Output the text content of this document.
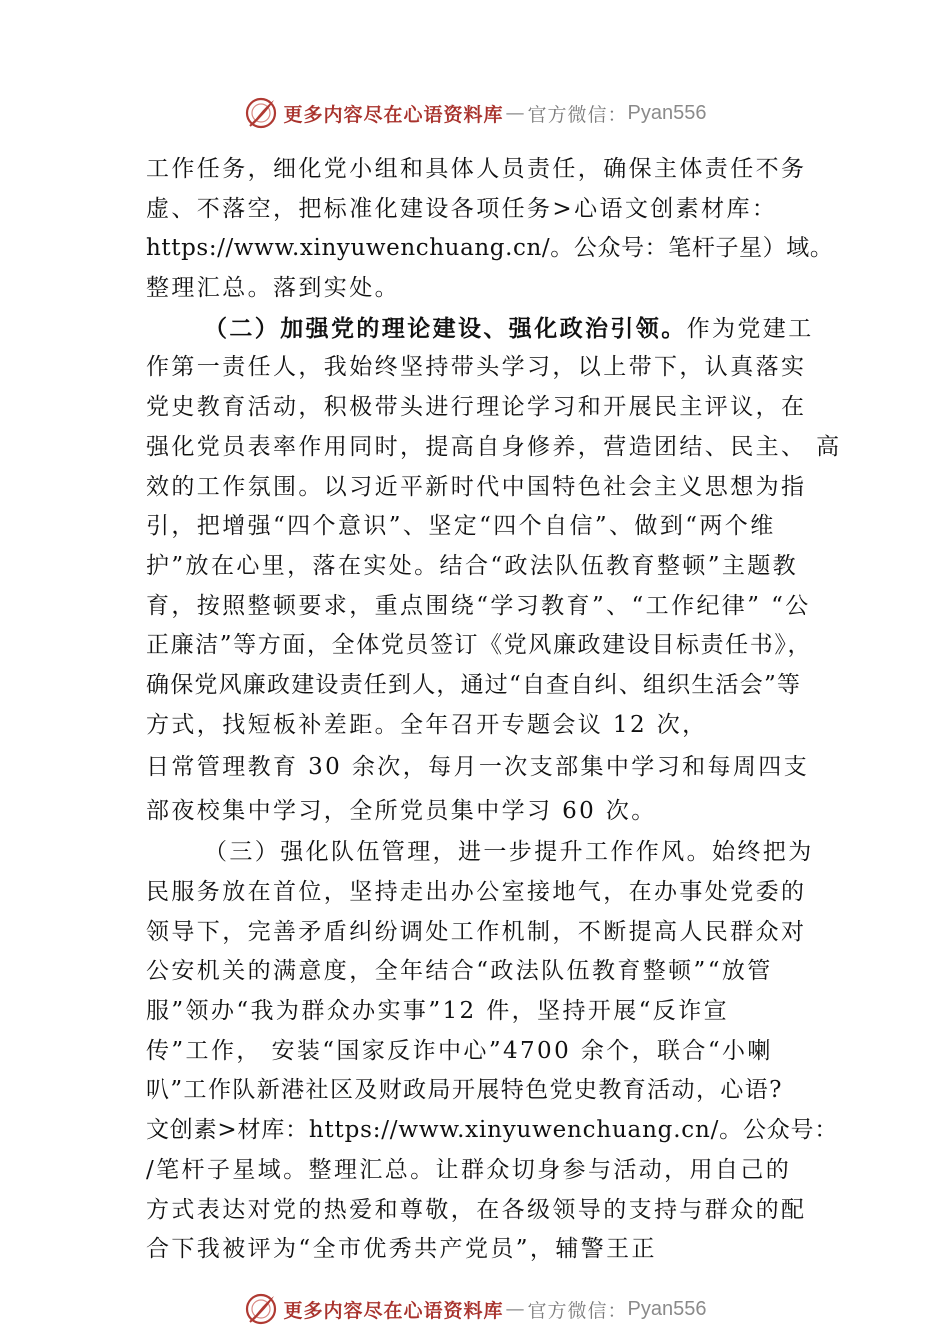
更多内容尽在心语资料库 — 官方微信： Pyan556
工作任务，细化党小组和具体人员责任，确保主体责任不务
虚、不落空，把标准化建设各项任务>心语文创素材库：
https://www.xinyuwenchuang.cn/。公众号：笔杆子星）域。
整理汇总。落到实处。
（二）加强党的理论建设、强化政治引领。作为党建工
作第一责任人，我始终坚持带头学习，以上带下，认真落实
党史教育活动，积极带头进行理论学习和开展民主评议，在
强化党员表率作用同时，提高自身修养，营造团结、民主、 高
效的工作氛围。以习近平新时代中国特色社会主义思想为指
引，把增强“四个意识”、坚定“四个自信”、做到“两个维
护”放在心里，落在实处。结合“政法队伍教育整顿”主题教
育，按照整顿要求，重点围绕“学习教育”、“工作纪律” “公
正廉洁”等方面，全体党员签订《党风廉政建设目标责任书》，
确保党风廉政建设责任到人，通过“自查自纠、组织生活会”等
方式，找短板补差距。全年召开专题会议 12 次，
日常管理教育 30 余次，每月一次支部集中学习和每周四支
部夜校集中学习，全所党员集中学习 60 次。
（三）强化队伍管理，进一步提升工作作风。始终把为
民服务放在首位，坚持走出办公室接地气，在办事处党委的
领导下，完善矛盾纠纷调处工作机制，不断提高人民群众对
公安机关的满意度，全年结合“政法队伍教育整顿”“放管
服”领办“我为群众办实事”12 件，坚持开展“反诈宣
传”工作， 安装“国家反诈中心”4700 余个，联合“小喇
叭”工作队新港社区及财政局开展特色党史教育活动，心语?
文创素>材库：https://www.xinyuwenchuang.cn/。公众号：
/笔杆子星域。整理汇总。让群众切身参与活动，用自己的
方式表达对党的热爱和尊敬，在各级领导的支持与群众的配
合下我被评为“全市优秀共产党员”，辅警王正
更多内容尽在心语资料库 — 官方微信： Pyan556
